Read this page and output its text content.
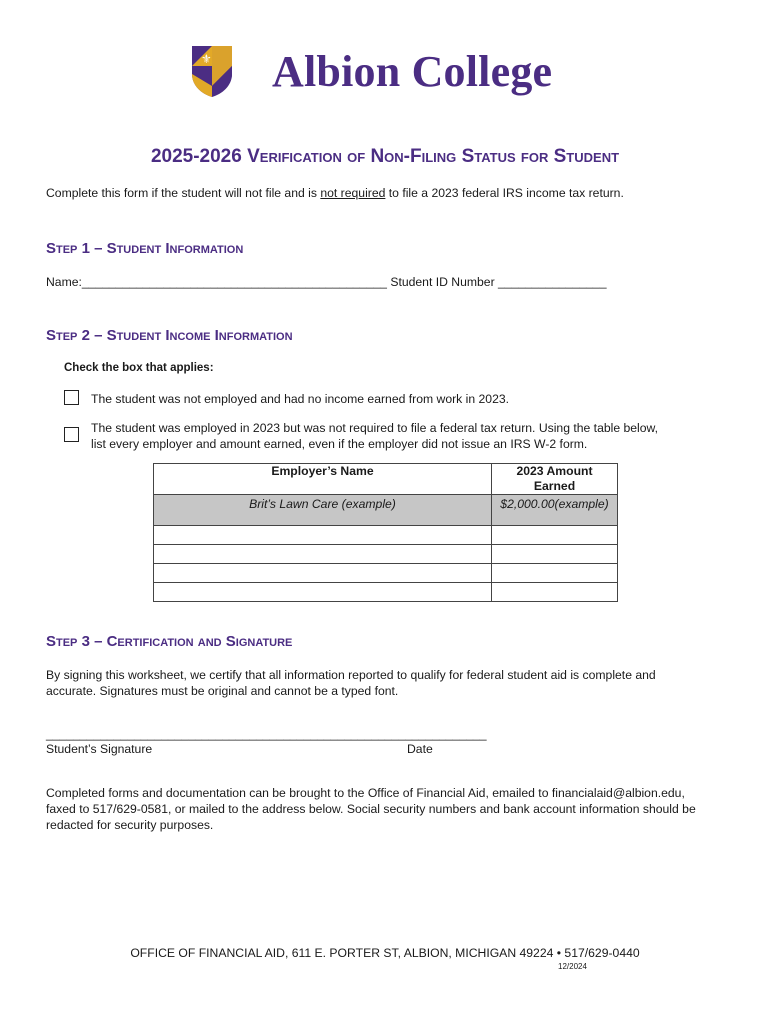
⚜ Albion College
2025-2026 Verification of Non-Filing Status for Student
Complete this form if the student will not file and is not required to file a 2023 federal IRS income tax return.
Step 1 – Student Information
Name:_____________________________________________ Student ID Number ________________
Step 2 – Student Income Information
Check the box that applies:
The student was not employed and had no income earned from work in 2023.
The student was employed in 2023 but was not required to file a federal tax return. Using the table below,
list every employer and amount earned, even if the employer did not issue an IRS W-2 form.
Employer’s Name	2023 Amount
Earned

Brit’s Lawn Care (example)	$2,000.00(example)

Step 3 – Certification and Signature
By signing this worksheet, we certify that all information reported to qualify for federal student aid is complete and
accurate. Signatures must be original and cannot be a typed font.
_________________________________________________________________
Student’s Signature	Date
Completed forms and documentation can be brought to the Office of Financial Aid, emailed to financialaid@albion.edu,
faxed to 517/629-0581, or mailed to the address below. Social security numbers and bank account information should be
redacted for security purposes.
OFFICE OF FINANCIAL AID, 611 E. PORTER ST, ALBION, MICHIGAN 49224 • 517/629-0440
12/2024
